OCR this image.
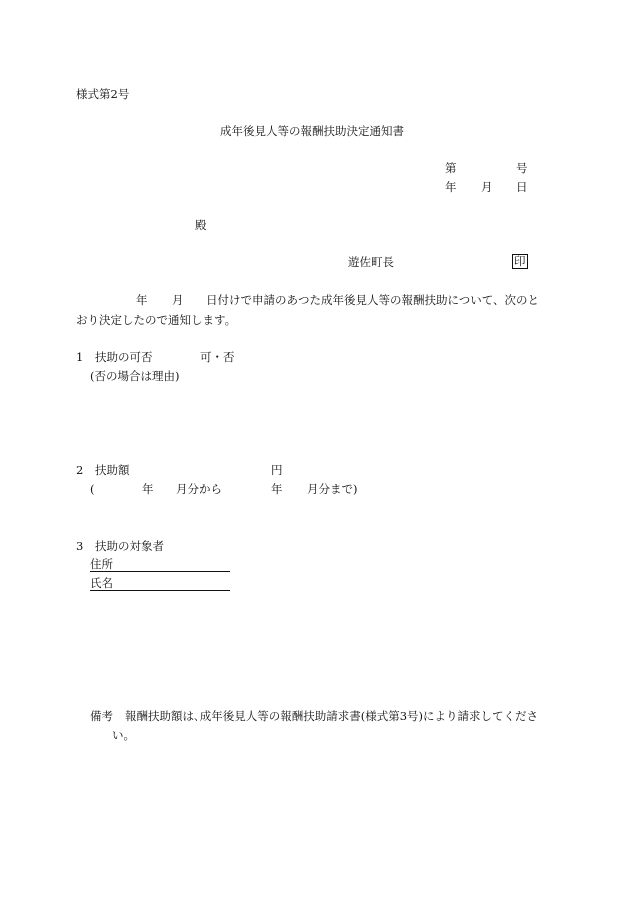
様式第2号
成年後見人等の報酬扶助決定通知書
第	号
年 月 日
殿
遊佐町長	印
年 月 日付けで申請のあつた成年後見人等の報酬扶助について、次のと
おり決定したので通知します。
1 扶助の可否	可・否
(否の場合は理由)
2 扶助額	円
(	年 月分から	年 月分まで)
3 扶助の対象者
住所
氏名
備考 報酬扶助額は､成年後見人等の報酬扶助請求書(様式第3号)により請求してくださ
い。
